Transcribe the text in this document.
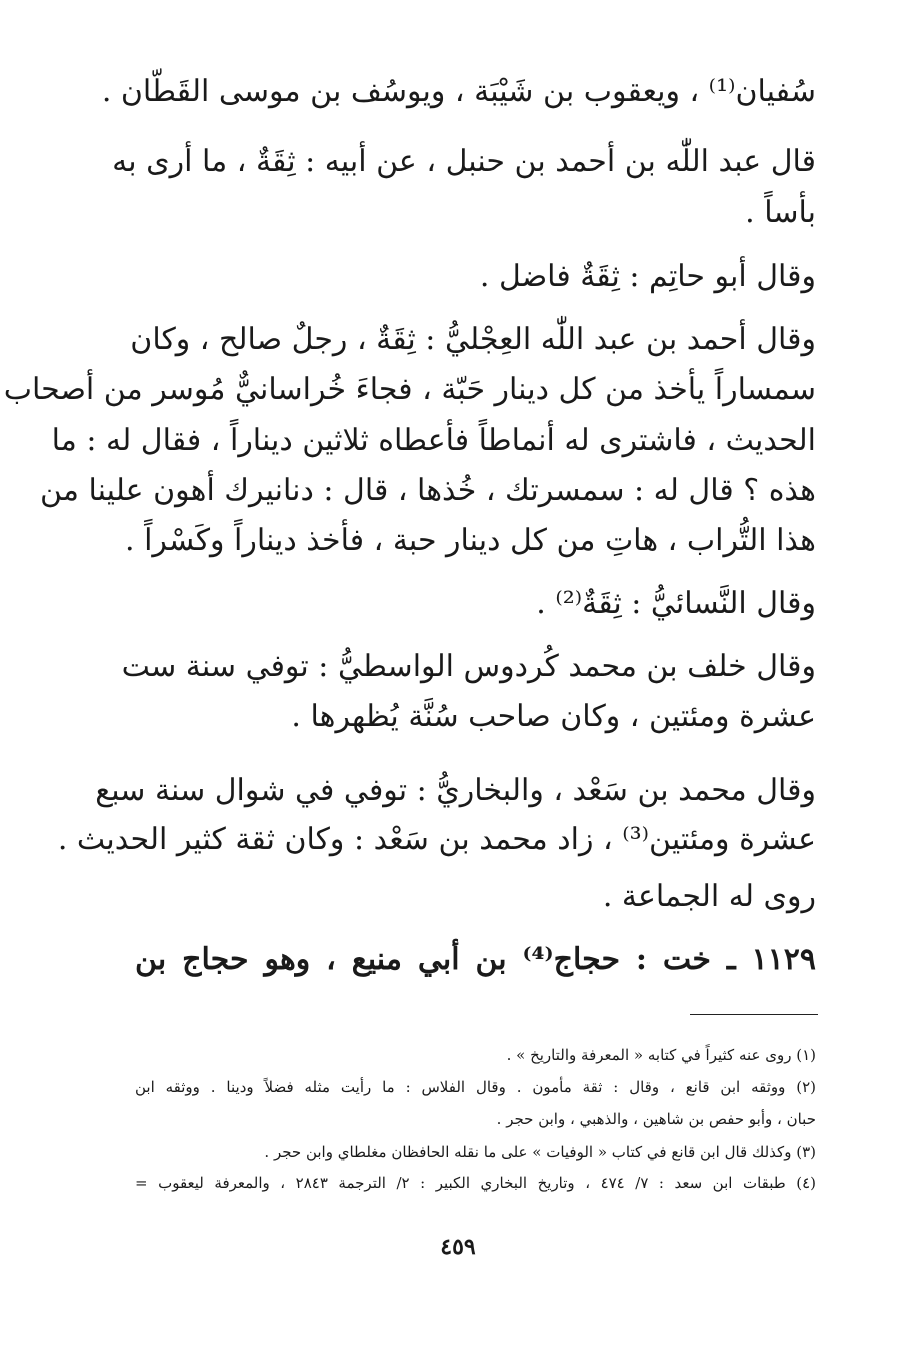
سُفيان⁽¹⁾ ، ويعقوب بن شَيْبَة ، ويوسُف بن موسى القَطّان .
قال عبد اللّٰه بن أحمد بن حنبل ، عن أبيه : ثِقَةٌ ، ما أرى به
بأساً .
وقال أبو حاتِم : ثِقَةٌ فاضل .
وقال أحمد بن عبد اللّٰه العِجْليُّ : ثِقَةٌ ، رجلٌ صالح ، وكان
سمساراً يأخذ من كل دينار حَبّة ، فجاءَ خُراسانيٌّ مُوسر من أصحاب
الحديث ، فاشترى له أنماطاً فأعطاه ثلاثين ديناراً ، فقال له : ما
هذه ؟ قال له : سمسرتك ، خُذها ، قال : دنانيرك أهون علينا من
هذا التُّراب ، هاتِ من كل دينار حبة ، فأخذ ديناراً وكَسْراً .
وقال النَّسائيُّ : ثِقَةٌ⁽²⁾ .
وقال خلف بن محمد كُردوس الواسطيُّ : توفي سنة ست
عشرة ومئتين ، وكان صاحب سُنَّة يُظهرها .
وقال محمد بن سَعْد ، والبخاريُّ : توفي في شوال سنة سبع
عشرة ومئتين⁽³⁾ ، زاد محمد بن سَعْد : وكان ثقة كثير الحديث .
روى له الجماعة .
١١٢٩ ـ خت : حجاج⁽⁴⁾ بن أبي منيع ، وهو حجاج بن
(١) روى عنه كثيراً في كتابه « المعرفة والتاريخ » .
(٢) ووثقه ابن قانع ، وقال : ثقة مأمون . وقال الفلاس : ما رأيت مثله فضلاً ودينا . ووثقه ابن
حبان ، وأبو حفص بن شاهين ، والذهبي ، وابن حجر .
(٣) وكذلك قال ابن قانع في كتاب « الوفيات » على ما نقله الحافظان مغلطاي وابن حجر .
(٤) طبقات ابن سعد : ٧/ ٤٧٤ ، وتاريخ البخاري الكبير : ٢/ الترجمة ٢٨٤٣ ، والمعرفة ليعقوب =
٤٥٩
